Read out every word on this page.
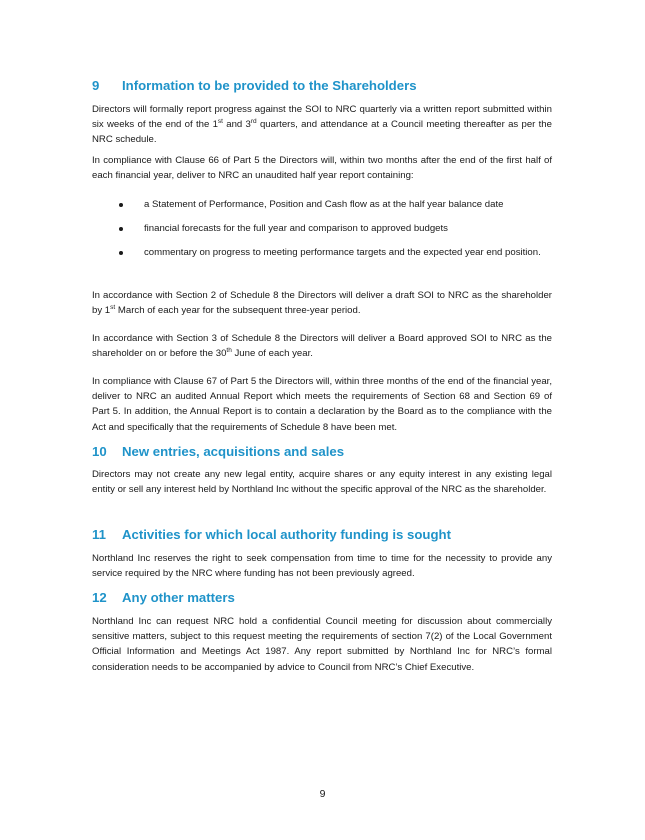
9 Information to be provided to the Shareholders
Directors will formally report progress against the SOI to NRC quarterly via a written report submitted within six weeks of the end of the 1st and 3rd quarters, and attendance at a Council meeting thereafter as per the NRC schedule.
In compliance with Clause 66 of Part 5 the Directors will, within two months after the end of the first half of each financial year, deliver to NRC an unaudited half year report containing:
a Statement of Performance, Position and Cash flow as at the half year balance date
financial forecasts for the full year and comparison to approved budgets
commentary on progress to meeting performance targets and the expected year end position.
In accordance with Section 2 of Schedule 8 the Directors will deliver a draft SOI to NRC as the shareholder by 1st March of each year for the subsequent three-year period.
In accordance with Section 3 of Schedule 8 the Directors will deliver a Board approved SOI to NRC as the shareholder on or before the 30th June of each year.
In compliance with Clause 67 of Part 5 the Directors will, within three months of the end of the financial year, deliver to NRC an audited Annual Report which meets the requirements of Section 68 and Section 69 of Part 5. In addition, the Annual Report is to contain a declaration by the Board as to the compliance with the Act and specifically that the requirements of Schedule 8 have been met.
10 New entries, acquisitions and sales
Directors may not create any new legal entity, acquire shares or any equity interest in any existing legal entity or sell any interest held by Northland Inc without the specific approval of the NRC as the shareholder.
11 Activities for which local authority funding is sought
Northland Inc reserves the right to seek compensation from time to time for the necessity to provide any service required by the NRC where funding has not been previously agreed.
12 Any other matters
Northland Inc can request NRC hold a confidential Council meeting for discussion about commercially sensitive matters, subject to this request meeting the requirements of section 7(2) of the Local Government Official Information and Meetings Act 1987. Any report submitted by Northland Inc for NRC’s formal consideration needs to be accompanied by advice to Council from NRC’s Chief Executive.
9
